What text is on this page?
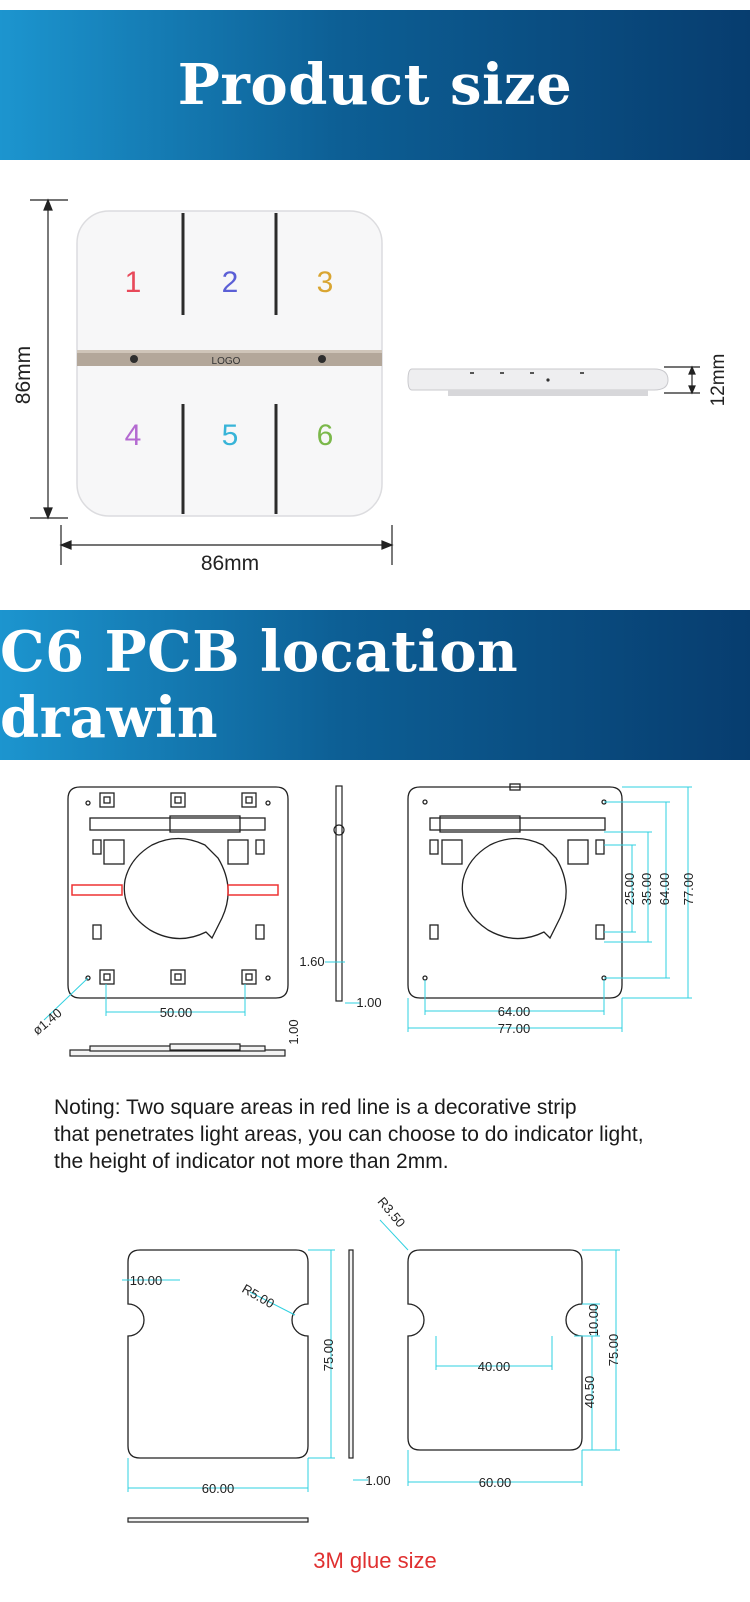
Product size
86mm	LOGO
1	2	3
4	5	6
86mm
12mm
C6 PCB location drawin
50.00
ø1.40
1.60
1.00
1.00
64.00
77.00
25.00 35.00 64.00 77.00

Noting: Two square areas in red line is a decorative strip
that penetrates light areas, you can choose to do indicator light,
the height of indicator not more than 2mm.

10.00
R5.00
75.00
60.00
1.00
R3.50
10.00
75.00
40.00
40.50
60.00
3M glue size
